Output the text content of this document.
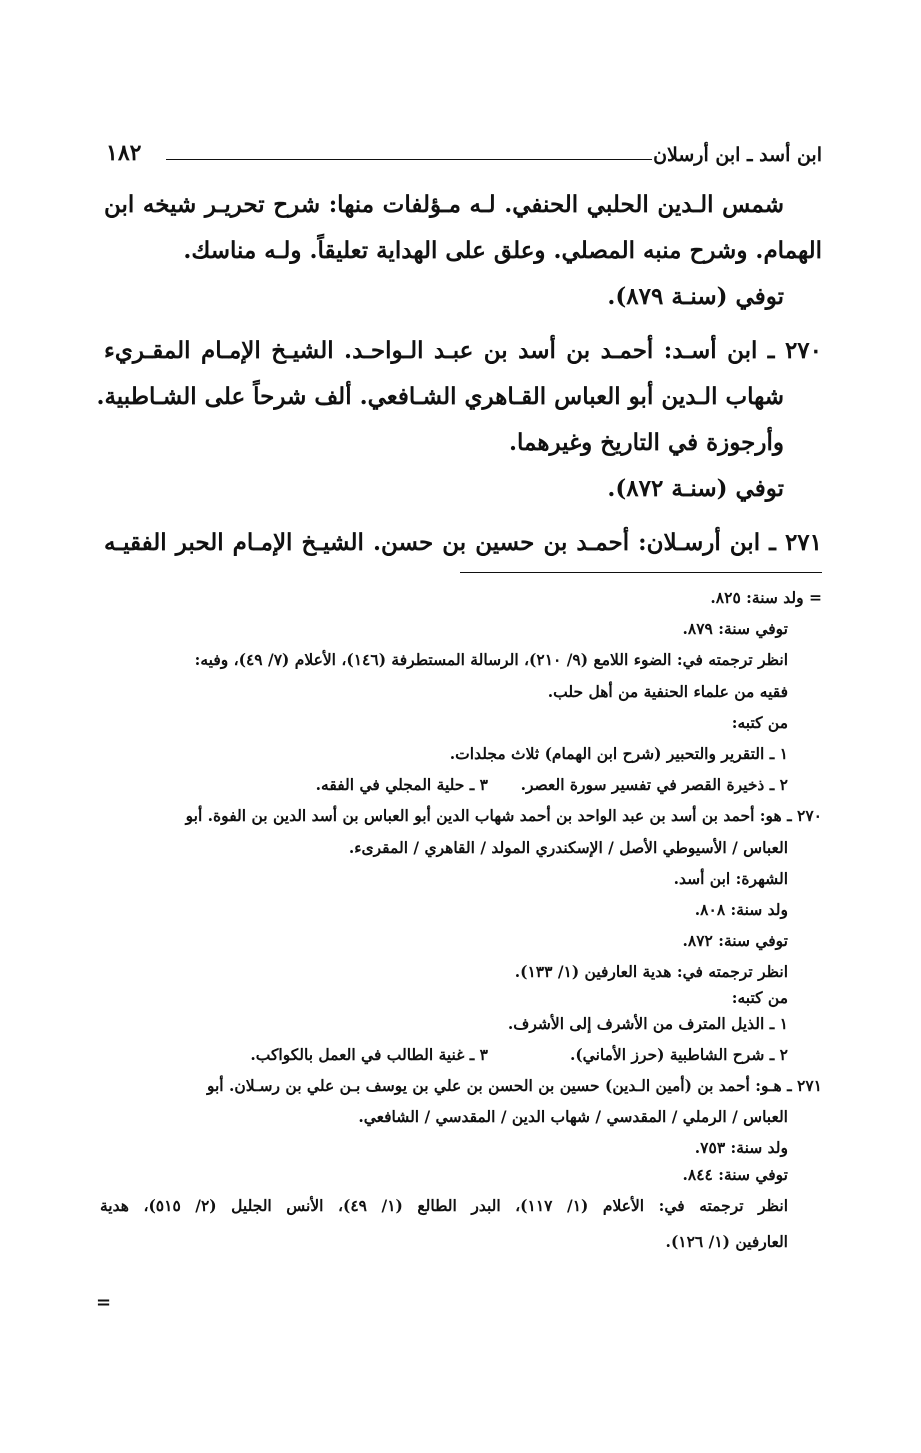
ابن أسد ـ ابن أرسلان
١٨٢
شمس الـدين الحلبي الحنفي. لـه مـؤلفات منها: شرح تحريـر شيخه ابن
الهمام. وشرح منبه المصلي. وعلق على الهداية تعليقاً. ولـه مناسك.
توفي (سنـة ٨٧٩).
٢٧٠ ـ ابن أسـد: أحمـد بن أسد بن عبـد الـواحـد. الشيـخ الإمـام المقـريء
شهاب الـدين أبو العباس القـاهري الشـافعي. ألف شرحاً على الشـاطبية.
وأرجوزة في التاريخ وغيرهما.
توفي (سنـة ٨٧٢).
٢٧١ ـ ابن أرسـلان: أحمـد بن حسين بن حسن. الشيـخ الإمـام الحبر الفقيـه
= ولد سنة: ٨٢٥.
توفي سنة: ٨٧٩.
انظر ترجمته في: الضوء اللامع (٩/ ٢١٠)، الرسالة المستطرفة (١٤٦)، الأعلام (٧/ ٤٩)، وفيه:
فقيه من علماء الحنفية من أهل حلب.
من كتبه:
١ ـ التقرير والتحبير (شرح ابن الهمام) ثلاث مجلدات.
٢ ـ ذخيرة القصر في تفسير سورة العصر.
٣ ـ حلية المجلي في الفقه.
٢٧٠ ـ هو: أحمد بن أسد بن عبد الواحد بن أحمد شهاب الدين أبو العباس بن أسد الدين بن الفوة. أبو
العباس / الأسيوطي الأصل / الإسكندري المولد / القاهري / المقرىء.
الشهرة: ابن أسد.
ولد سنة: ٨٠٨.
توفي سنة: ٨٧٢.
انظر ترجمته في: هدية العارفين (١/ ١٣٣).
من كتبه:
١ ـ الذيل المترف من الأشرف إلى الأشرف.
٢ ـ شرح الشاطبية (حرز الأماني).
٣ ـ غنية الطالب في العمل بالكواكب.
٢٧١ ـ هـو: أحمد بن (أمين الـدين) حسين بن الحسن بن علي بن يوسف بـن علي بن رسـلان. أبو
العباس / الرملي / المقدسي / شهاب الدين / المقدسي / الشافعي.
ولد سنة: ٧٥٣.
توفي سنة: ٨٤٤.
انظر ترجمته في: الأعلام (١/ ١١٧)، البدر الطالع (١/ ٤٩)، الأنس الجليل (٢/ ٥١٥)، هدية
العارفين (١/ ١٢٦).
=
